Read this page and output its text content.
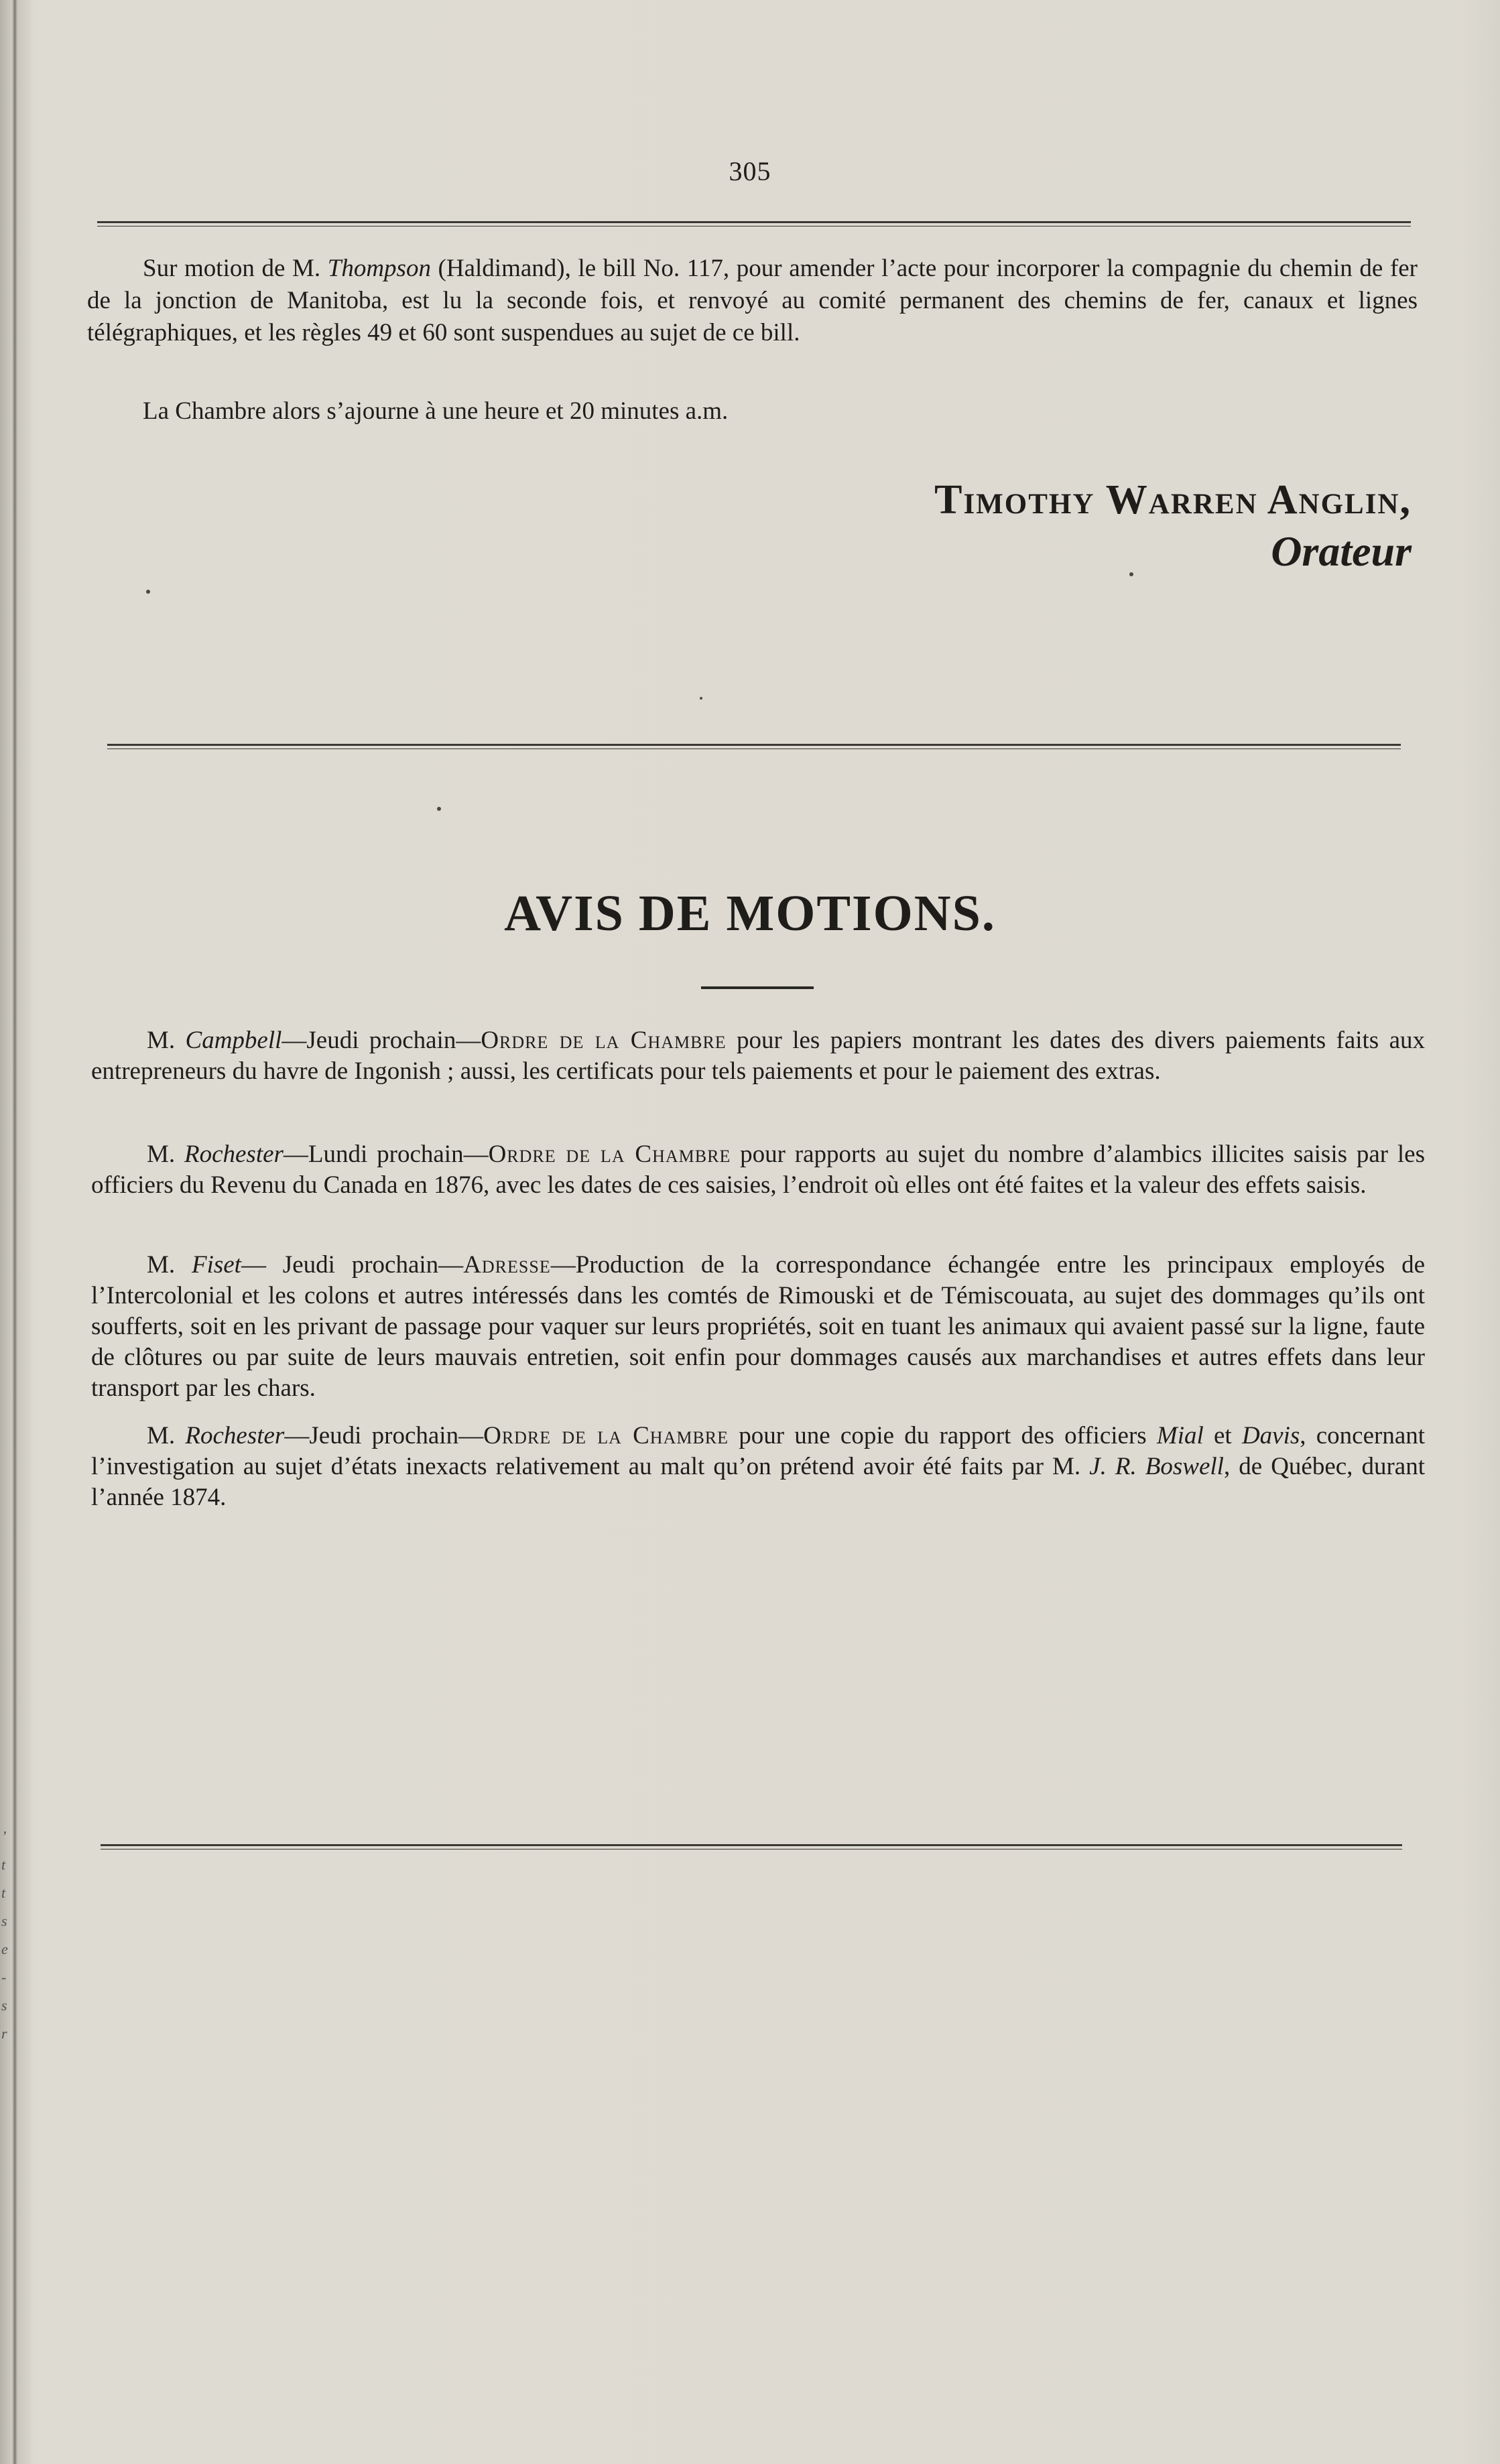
ʼ
t
t
s
e
-
s
r
305

Sur motion de M. Thompson (Haldimand), le bill No. 117, pour amender l’acte pour incorporer la compagnie du chemin de fer de la jonction de Manitoba, est lu la seconde fois, et renvoyé au comité permanent des chemins de fer, canaux et lignes télégraphiques, et les règles 49 et 60 sont suspendues au sujet de ce bill.

La Chambre alors s’ajourne à une heure et 20 minutes a.m.

Timothy Warren Anglin,
Orateur
AVIS DE MOTIONS.

M. Campbell—Jeudi prochain—Ordre de la Chambre pour les papiers montrant les dates des divers paiements faits aux entrepreneurs du havre de Ingonish ; aussi, les certificats pour tels paiements et pour le paiement des extras.

M. Rochester—Lundi prochain—Ordre de la Chambre pour rapports au sujet du nombre d’alambics illicites saisis par les officiers du Revenu du Canada en 1876, avec les dates de ces saisies, l’endroit où elles ont été faites et la valeur des effets saisis.

M. Fiset— Jeudi prochain—Adresse—Production de la correspondance échangée entre les principaux employés de l’Intercolonial et les colons et autres intéressés dans les comtés de Rimouski et de Témiscouata, au sujet des dommages qu’ils ont soufferts, soit en les privant de passage pour vaquer sur leurs propriétés, soit en tuant les animaux qui avaient passé sur la ligne, faute de clôtures ou par suite de leurs mauvais entretien, soit enfin pour dommages causés aux marchandises et autres effets dans leur transport par les chars.

M. Rochester—Jeudi prochain—Ordre de la Chambre pour une copie du rapport des officiers Mial et Davis, concernant l’investigation au sujet d’états inexacts relativement au malt qu’on prétend avoir été faits par M. J. R. Boswell, de Québec, durant l’année 1874.
